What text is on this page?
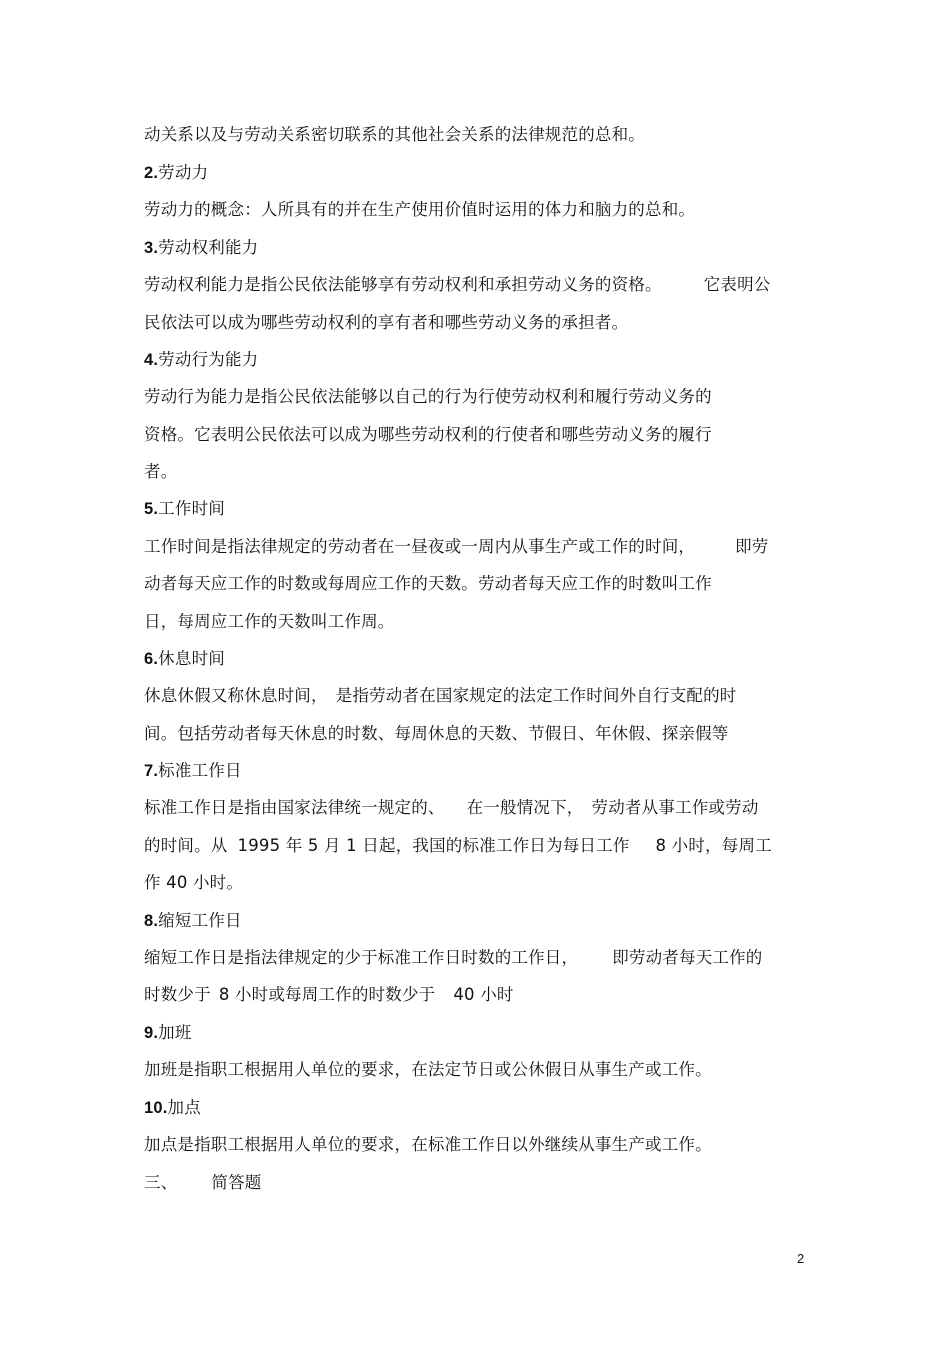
动关系以及与劳动关系密切联系的其他社会关系的法律规范的总和。

2.劳动力

劳动力的概念：人所具有的并在生产使用价值时运用的体力和脑力的总和。

3.劳动权利能力

劳动权利能力是指公民依法能够享有劳动权利和承担劳动义务的资格。	它表明公

民依法可以成为哪些劳动权利的享有者和哪些劳动义务的承担者。

4.劳动行为能力

劳动行为能力是指公民依法能够以自己的行为行使劳动权利和履行劳动义务的

资格。它表明公民依法可以成为哪些劳动权利的行使者和哪些劳动义务的履行

者。

5.工作时间

工作时间是指法律规定的劳动者在一昼夜或一周内从事生产或工作的时间， 即劳

动者每天应工作的时数或每周应工作的天数。劳动者每天应工作的时数叫工作

日，每周应工作的天数叫工作周。

6.休息时间

休息休假又称休息时间， 是指劳动者在国家规定的法定工作时间外自行支配的时

间。包括劳动者每天休息的时数、每周休息的天数、节假日、年休假、探亲假等

7.标准工作日

标准工作日是指由国家法律统一规定的、 在一般情况下， 劳动者从事工作或劳动

的时间。从 1995 年 5 月 1 日起，我国的标准工作日为每日工作 8 小时，每周工

作 40 小时。

8.缩短工作日

缩短工作日是指法律规定的少于标准工作日时数的工作日， 即劳动者每天工作的

时数少于 8 小时或每周工作的时数少于 40 小时

9.加班

加班是指职工根据用人单位的要求，在法定节日或公休假日从事生产或工作。

10.加点

加点是指职工根据用人单位的要求，在标准工作日以外继续从事生产或工作。

三、 简答题

2
